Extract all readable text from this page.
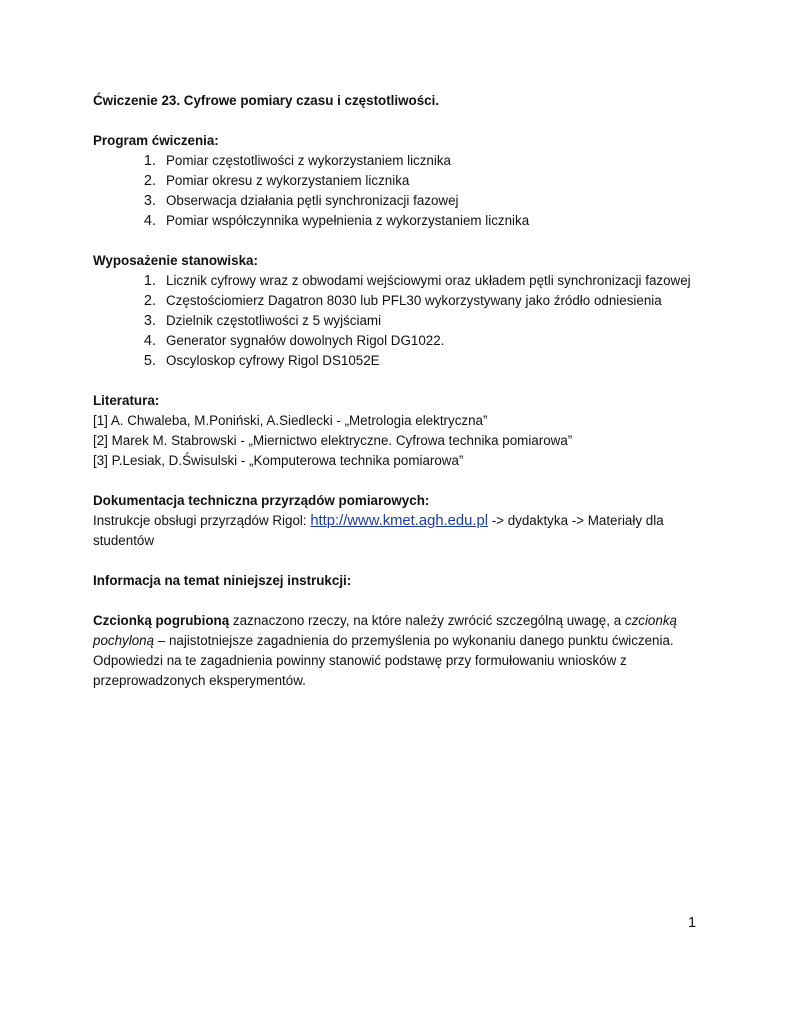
Ćwiczenie 23. Cyfrowe pomiary czasu i częstotliwości.
Program ćwiczenia:
1. Pomiar częstotliwości z wykorzystaniem licznika
2. Pomiar okresu z wykorzystaniem licznika
3. Obserwacja działania pętli synchronizacji fazowej
4. Pomiar współczynnika wypełnienia z wykorzystaniem licznika
Wyposażenie stanowiska:
1. Licznik cyfrowy wraz z obwodami wejściowymi oraz układem pętli synchronizacji fazowej
2. Częstościomierz Dagatron 8030 lub PFL30 wykorzystywany jako źródło odniesienia
3. Dzielnik częstotliwości z 5 wyjściami
4. Generator sygnałów dowolnych Rigol DG1022.
5. Oscyloskop cyfrowy Rigol DS1052E
Literatura:
[1] A. Chwaleba, M.Poniński, A.Siedlecki - „Metrologia elektryczna”
[2] Marek M. Stabrowski - „Miernictwo elektryczne. Cyfrowa technika pomiarowa”
[3] P.Lesiak, D.Świsulski - „Komputerowa technika pomiarowa”
Dokumentacja techniczna przyrządów pomiarowych:
Instrukcje obsługi przyrządów Rigol: http://www.kmet.agh.edu.pl -> dydaktyka -> Materiały dla studentów
Informacja na temat niniejszej instrukcji:
Czcionką pogrubioną zaznaczono rzeczy, na które należy zwrócić szczególną uwagę, a czcionką pochyloną – najistotniejsze zagadnienia do przemyślenia po wykonaniu danego punktu ćwiczenia. Odpowiedzi na te zagadnienia powinny stanowić podstawę przy formułowaniu wniosków z przeprowadzonych eksperymentów.
1
